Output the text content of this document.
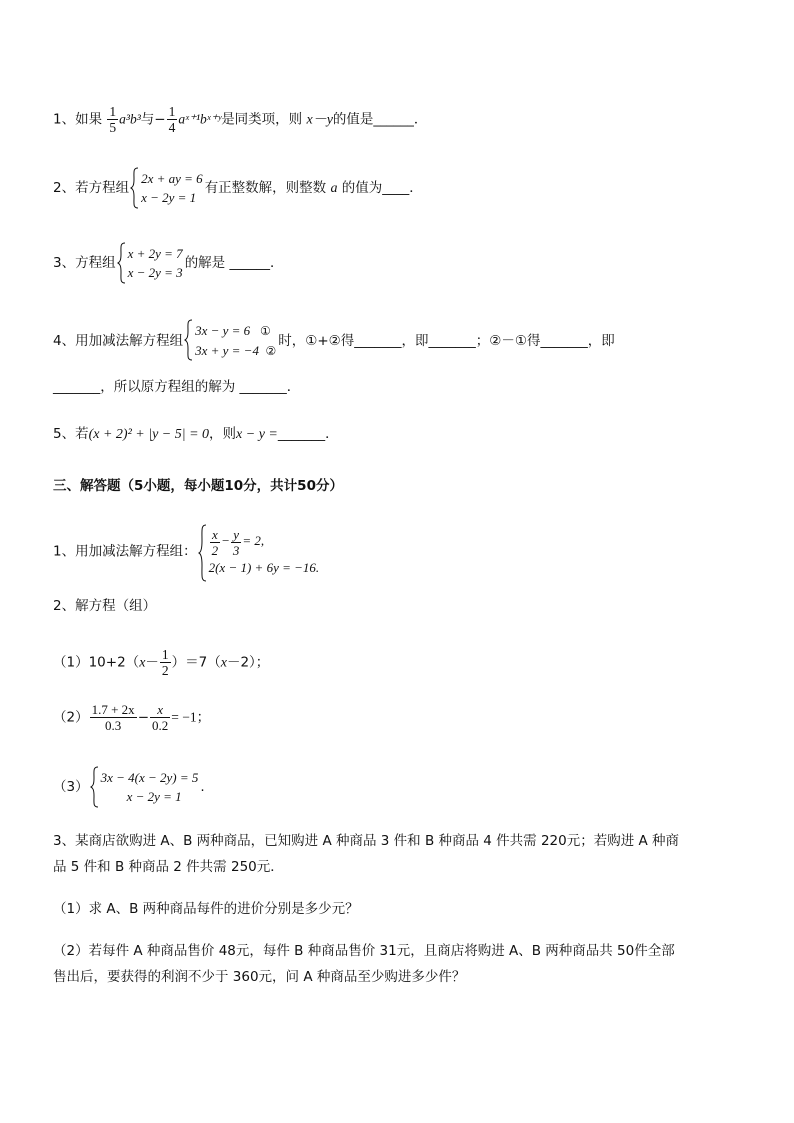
1、如果 $\frac{1}{5} a^3b^3$与− $\frac{1}{4}$ aˣ⁺¹bˣ⁺ʸ是同类项，则 x－y的值是______．
2、若方程组
2x + ay = 6
x − 2y = 1
有正整数解，则整数 a 的值为____．
3、方程组
x + 2y = 7
x − 2y = 3
的解是 ______．
4、用加减法解方程组
3x − y = 6 ①
3x + y = −4 ②
时，①+②得_______，即_______；②－①得_______，即
_______，所以原方程组的解为 _______．
5、若(x + 2)² + |y − 5| = 0，则x − y =_______．
三、解答题（5小题，每小题10分，共计50分）
1、用加减法解方程组： $\frac{x}{2} - \frac{y}{3} = 2$,
2(x − 1) + 6y = −16.
2、解方程（组）
$(1)10+2(x- \frac{1}{2} )=7(x-2)$；
$(2) \frac{1.7 + 2x}{0.3} - \frac{x}{0.2} = -1$；
（3）
3x − 4(x − 2y) = 5
x − 2y = 1
.
3、某商店欲购进 A、B 两种商品，已知购进 A 种商品 3 件和 B 种商品 4 件共需 220元；若购进 A 种商
品 5 件和 B 种商品 2 件共需 250元．
（1）求 A、B 两种商品每件的进价分别是多少元？
（2）若每件 A 种商品售价 48元，每件 B 种商品售价 31元，且商店将购进 A、B 两种商品共 50件全部
售出后，要获得的利润不少于 360元，问 A 种商品至少购进多少件？
